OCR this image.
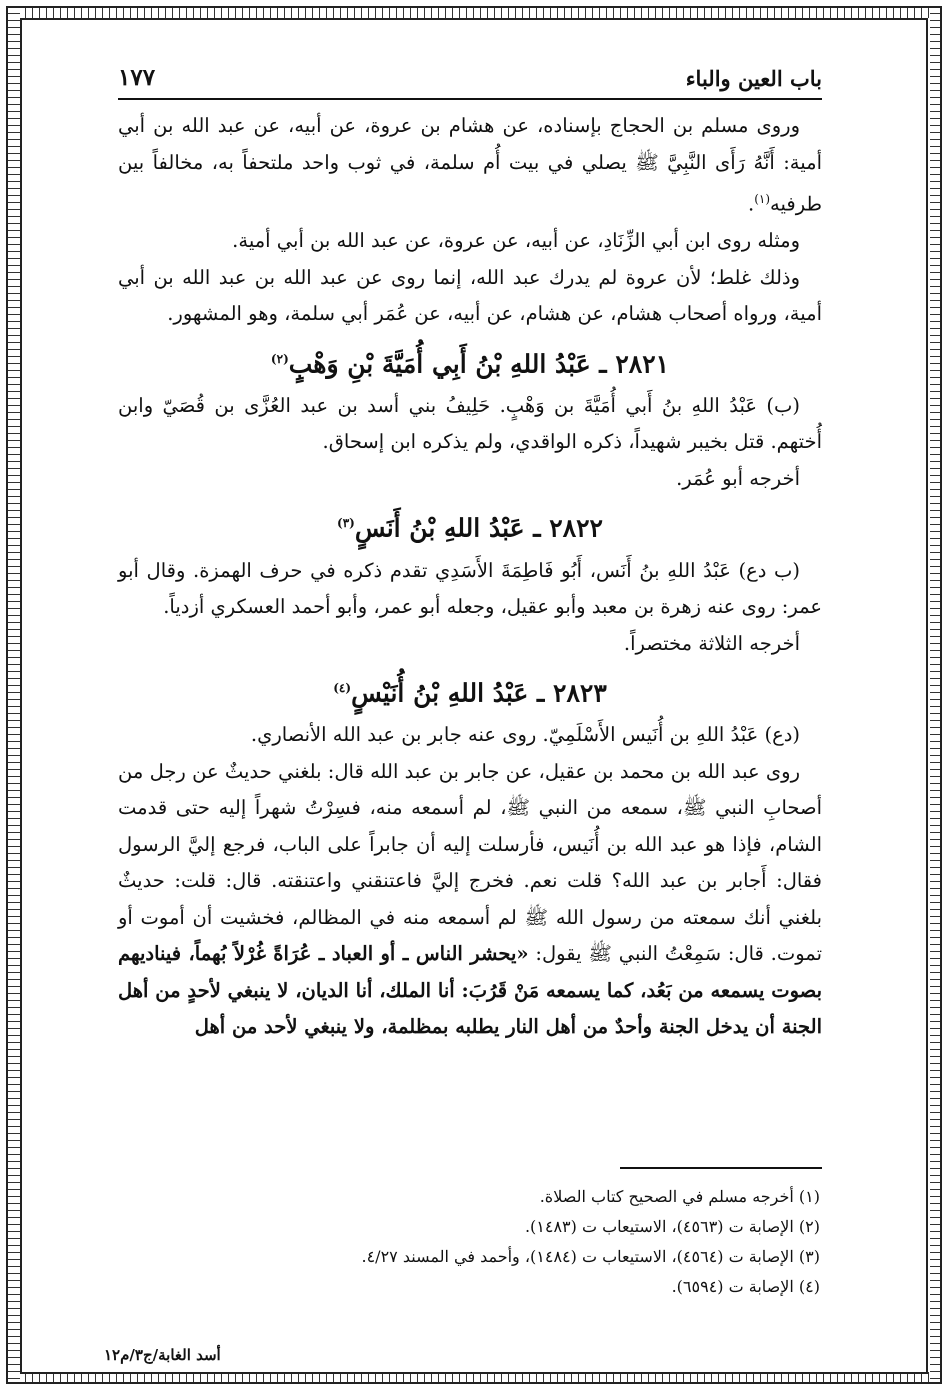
باب العين والباء
١٧٧

وروى مسلم بن الحجاج بإسناده، عن هشام بن عروة، عن أبيه، عن عبد الله بن أبي أمية: أَنَّهُ رَأَى النَّبِيَّ ﷺ يصلي في بيت أُم سلمة، في ثوب واحد ملتحفاً به، مخالفاً بين طرفيه$^{(١)}$.

ومثله روى ابن أبي الزِّنَادِ، عن أبيه، عن عروة، عن عبد الله بن أبي أمية.

وذلك غلط؛ لأن عروة لم يدرك عبد الله، إنما روى عن عبد الله بن عبد الله بن أبي أمية، ورواه أصحاب هشام، عن هشام، عن أبيه، عن عُمَر أبي سلمة، وهو المشهور.

٢٨٢١ ـ عَبْدُ اللهِ بْنُ أَبِي أُمَيَّةَ بْنِ وَهْبٍ$^{(٢)}$

(ب) عَبْدُ اللهِ بنُ أَبي أُمَيَّةَ بن وَهْبٍ. حَلِيفُ بني أسد بن عبد العُزَّى بن قُصَيّ وابن أُختهم. قتل بخيبر شهيداً، ذكره الواقدي، ولم يذكره ابن إسحاق.

أخرجه أبو عُمَر.

٢٨٢٢ ـ عَبْدُ اللهِ بْنُ أَنَسٍ$^{(٣)}$

(ب دع) عَبْدُ اللهِ بنُ أَنَس، أَبُو فَاطِمَةَ الأَسَدِي تقدم ذكره في حرف الهمزة. وقال أبو عمر: روى عنه زهرة بن معبد وأبو عقيل، وجعله أبو عمر، وأبو أحمد العسكري أزدياً.

أخرجه الثلاثة مختصراً.

٢٨٢٣ ـ عَبْدُ اللهِ بْنُ أُنَيْسٍ$^{(٤)}$

(دع) عَبْدُ اللهِ بن أُنَيس الأَسْلَمِيّ. روى عنه جابر بن عبد الله الأنصاري.

روى عبد الله بن محمد بن عقيل، عن جابر بن عبد الله قال: بلغني حديثٌ عن رجل من أصحابِ النبي ﷺ، سمعه من النبي ﷺ، لم أسمعه منه، فسِرْتُ شهراً إليه حتى قدمت الشام، فإذا هو عبد الله بن أُنَيس، فأرسلت إليه أن جابراً على الباب، فرجع إليَّ الرسول فقال: أَجابر بن عبد الله؟ قلت نعم. فخرج إليَّ فاعتنقني واعتنقته. قال: قلت: حديثٌ بلغني أنك سمعته من رسول الله ﷺ لم أسمعه منه في المظالم، فخشيت أن أموت أو تموت. قال: سَمِعْتُ النبي ﷺ يقول: «يحشر الناس ـ أو العباد ـ عُرَاةً غُرْلاً بُهماً، فيناديهم بصوت يسمعه من بَعُد، كما يسمعه مَنْ قَرُبَ: أنا الملك، أنا الديان، لا ينبغي لأحدٍ من أهل الجنة أن يدخل الجنة وأحدٌ من أهل النار يطلبه بمظلمة، ولا ينبغي لأحد من أهل

(١) أخرجه مسلم في الصحيح كتاب الصلاة.
(٢) الإصابة ت (٤٥٦٣)، الاستيعاب ت (١٤٨٣).
(٣) الإصابة ت (٤٥٦٤)، الاستيعاب ت (١٤٨٤)، وأحمد في المسند ٤/٢٧.
(٤) الإصابة ت (٦٥٩٤).
أسد الغابة/ج٣/م١٢
